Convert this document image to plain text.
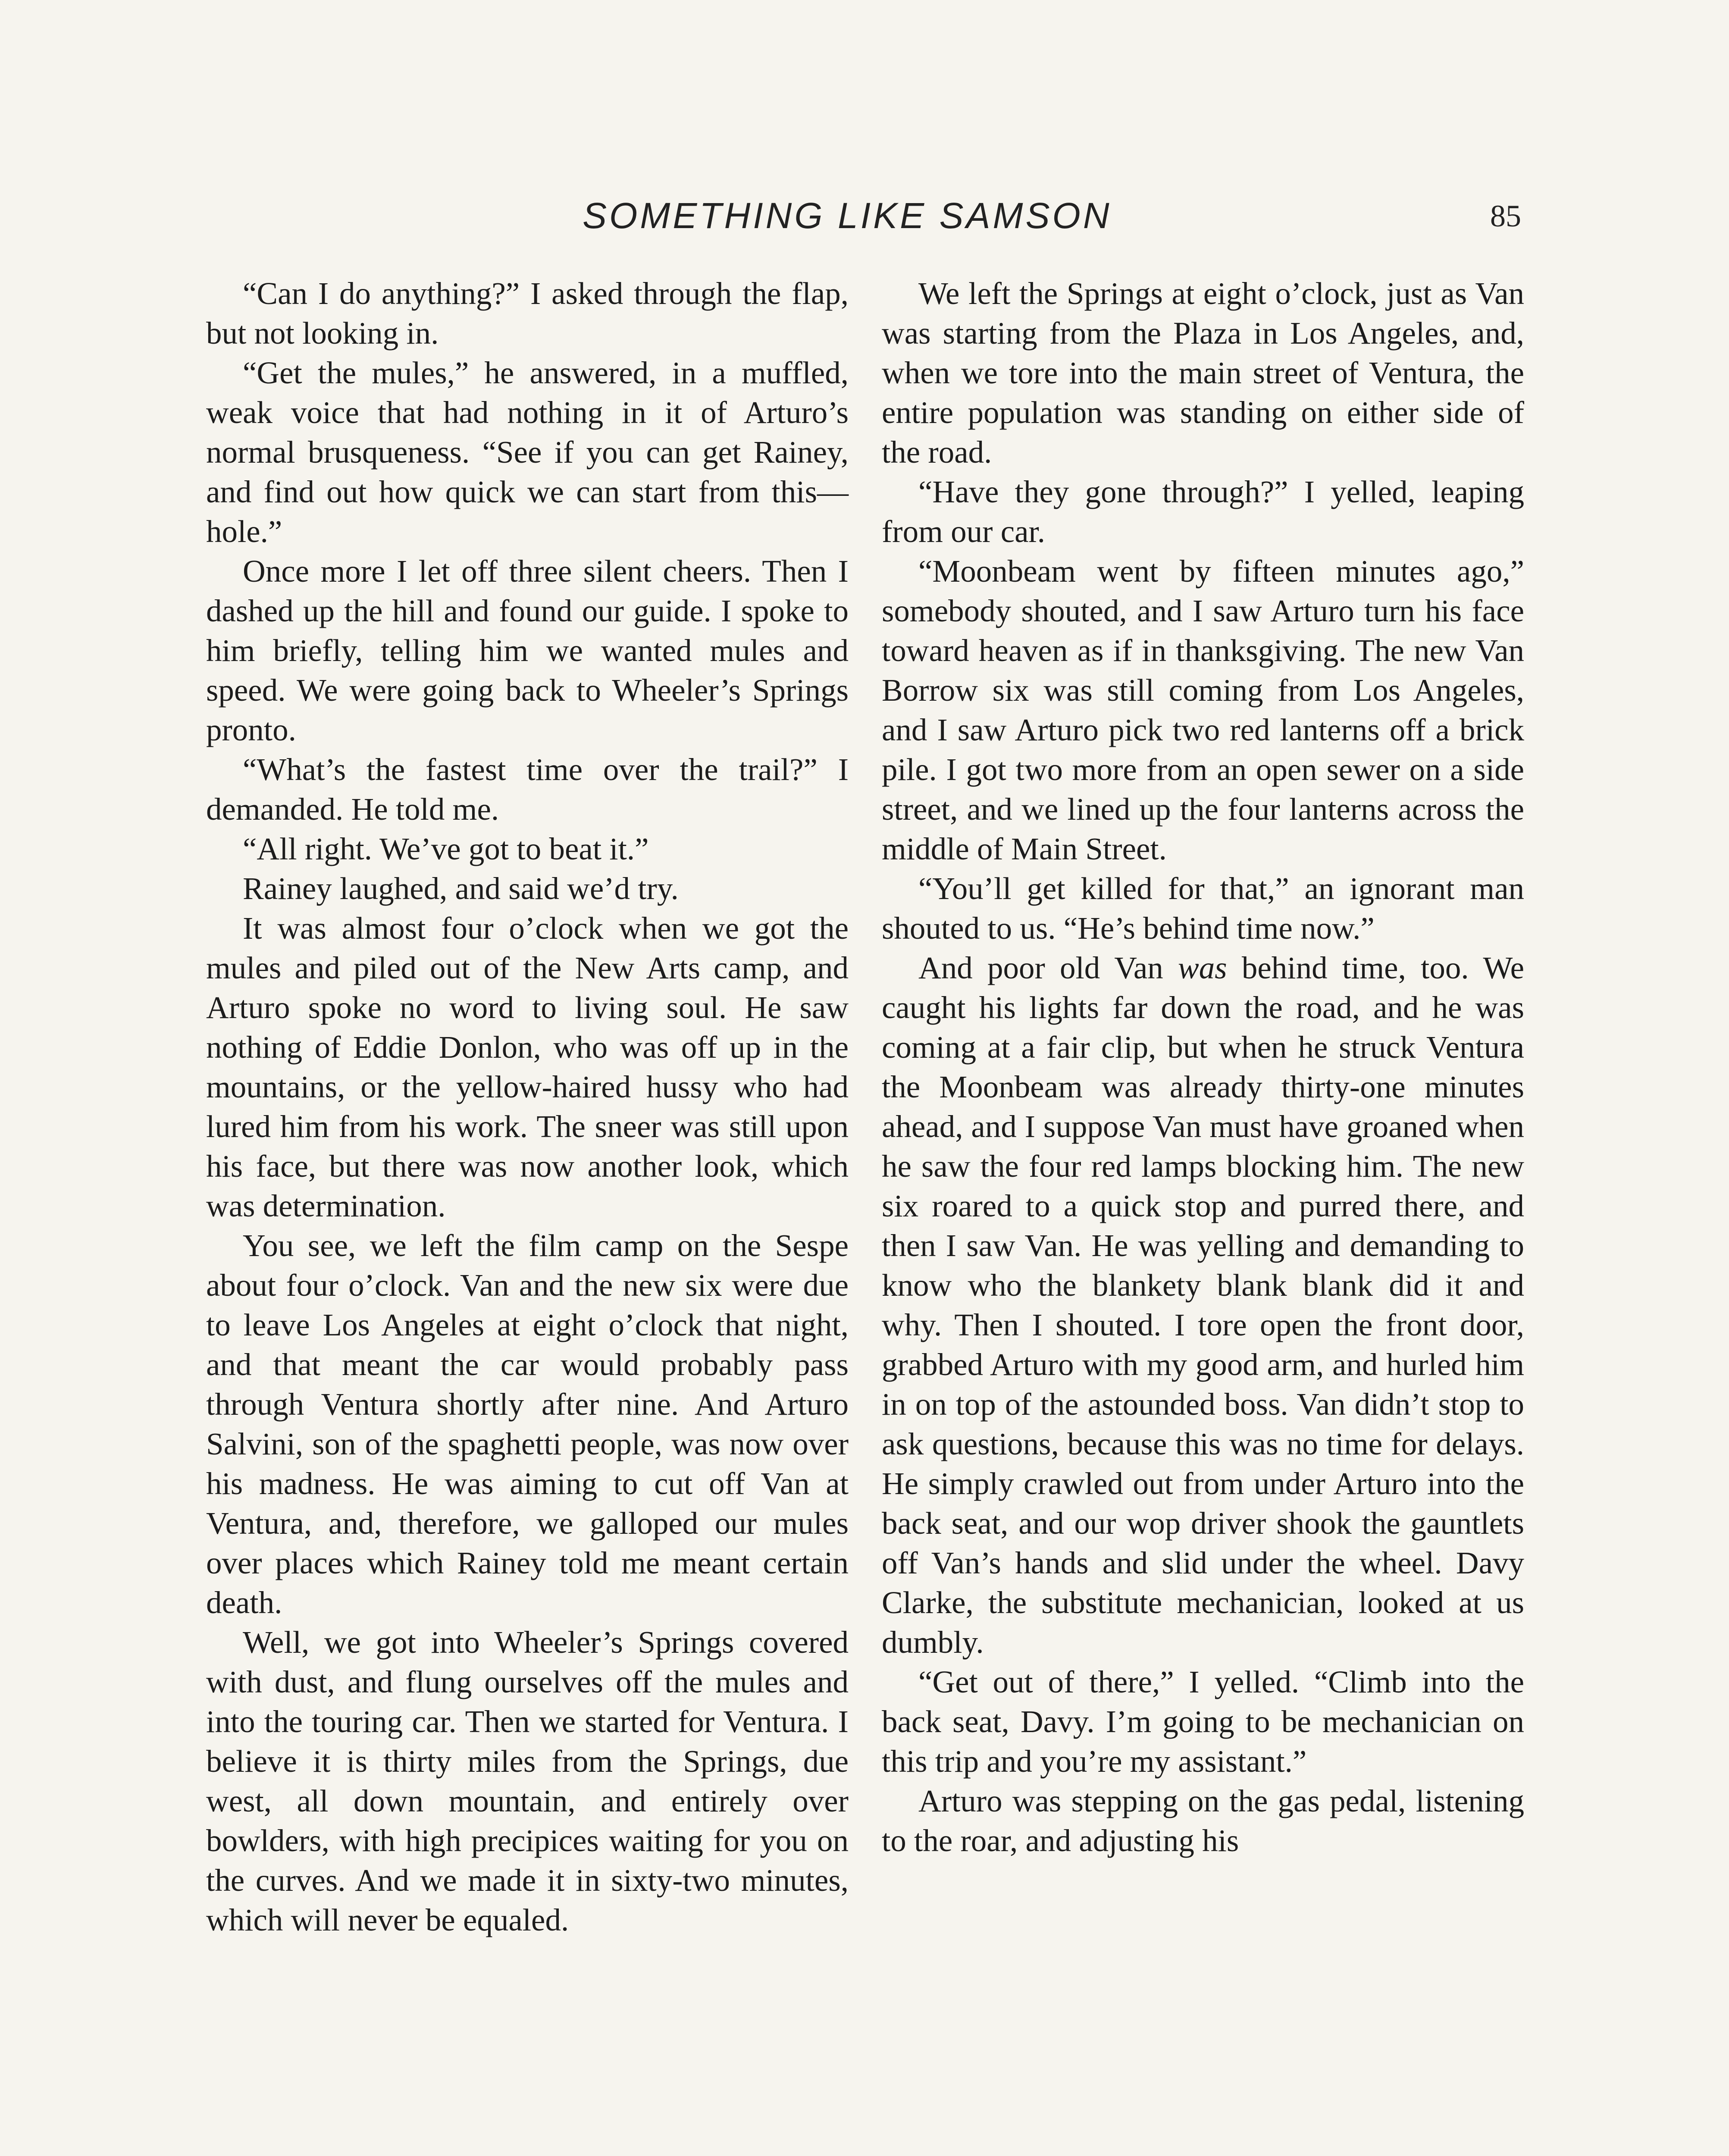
SOMETHING LIKE SAMSON	85

“Can I do anything?” I asked through the flap, but not looking in.

“Get the mules,” he answered, in a muffled, weak voice that had nothing in it of Arturo’s normal brusqueness. “See if you can get Rainey, and find out how quick we can start from this—hole.”

Once more I let off three silent cheers. Then I dashed up the hill and found our guide. I spoke to him briefly, telling him we wanted mules and speed. We were going back to Wheeler’s Springs pronto.

“What’s the fastest time over the trail?” I demanded. He told me.

“All right. We’ve got to beat it.”

Rainey laughed, and said we’d try.

It was almost four o’clock when we got the mules and piled out of the New Arts camp, and Arturo spoke no word to living soul. He saw nothing of Eddie Donlon, who was off up in the mountains, or the yellow-haired hussy who had lured him from his work. The sneer was still upon his face, but there was now another look, which was determination.

You see, we left the film camp on the Sespe about four o’clock. Van and the new six were due to leave Los Angeles at eight o’clock that night, and that meant the car would probably pass through Ventura shortly after nine. And Arturo Salvini, son of the spaghetti people, was now over his madness. He was aiming to cut off Van at Ventura, and, therefore, we galloped our mules over places which Rainey told me meant certain death.

Well, we got into Wheeler’s Springs covered with dust, and flung ourselves off the mules and into the touring car. Then we started for Ventura. I believe it is thirty miles from the Springs, due west, all down mountain, and entirely over bowlders, with high precipices waiting for you on the curves. And we made it in sixty-two minutes, which will never be equaled.

We left the Springs at eight o’clock, just as Van was starting from the Plaza in Los Angeles, and, when we tore into the main street of Ventura, the entire population was standing on either side of the road.

“Have they gone through?” I yelled, leaping from our car.

“Moonbeam went by fifteen minutes ago,” somebody shouted, and I saw Arturo turn his face toward heaven as if in thanksgiving. The new Van Borrow six was still coming from Los Angeles, and I saw Arturo pick two red lanterns off a brick pile. I got two more from an open sewer on a side street, and we lined up the four lanterns across the middle of Main Street.

“You’ll get killed for that,” an ignorant man shouted to us. “He’s behind time now.”

And poor old Van was behind time, too. We caught his lights far down the road, and he was coming at a fair clip, but when he struck Ventura the Moonbeam was already thirty-one minutes ahead, and I suppose Van must have groaned when he saw the four red lamps blocking him. The new six roared to a quick stop and purred there, and then I saw Van. He was yelling and demanding to know who the blankety blank blank did it and why. Then I shouted. I tore open the front door, grabbed Arturo with my good arm, and hurled him in on top of the astounded boss. Van didn’t stop to ask questions, because this was no time for delays. He simply crawled out from under Arturo into the back seat, and our wop driver shook the gauntlets off Van’s hands and slid under the wheel. Davy Clarke, the substitute mechanician, looked at us dumbly.

“Get out of there,” I yelled. “Climb into the back seat, Davy. I’m going to be mechanician on this trip and you’re my assistant.”

Arturo was stepping on the gas pedal, listening to the roar, and adjusting his
